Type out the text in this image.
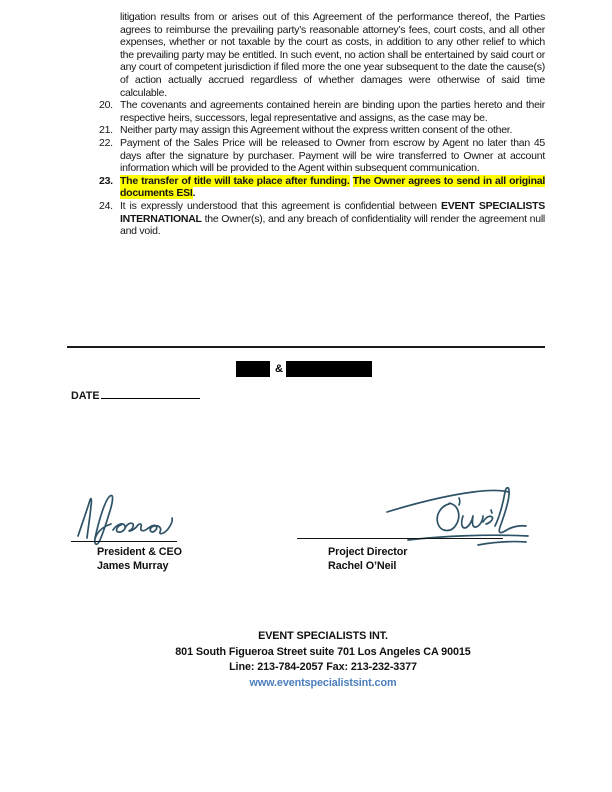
litigation results from or arises out of this Agreement of the performance thereof, the Parties agrees to reimburse the prevailing party’s reasonable attorney’s fees, court costs, and all other expenses, whether or not taxable by the court as costs, in addition to any other relief to which the prevailing party may be entitled. In such event, no action shall be entertained by said court or any court of competent jurisdiction if filed more the one year subsequent to the date the cause(s) of action actually accrued regardless of whether damages were otherwise of said time calculable.

20. The covenants and agreements contained herein are binding upon the parties hereto and their respective heirs, successors, legal representative and assigns, as the case may be.
21. Neither party may assign this Agreement without the express written consent of the other.
22. Payment of the Sales Price will be released to Owner from escrow by Agent no later than 45 days after the signature by purchaser. Payment will be wire transferred to Owner at account information which will be provided to the Agent within subsequent communication.
23. The transfer of title will take place after funding. The Owner agrees to send in all original documents ESI.
24. It is expressly understood that this agreement is confidential between EVENT SPECIALISTS INTERNATIONAL the Owner(s), and any breach of confidentiality will render the agreement null and void.
&
DATE
President & CEO
James Murray
Project Director
Rachel O’Neil
EVENT SPECIALISTS INT.
801 South Figueroa Street suite 701 Los Angeles CA 90015
Line: 213-784-2057 Fax: 213-232-3377
www.eventspecialistsint.com
